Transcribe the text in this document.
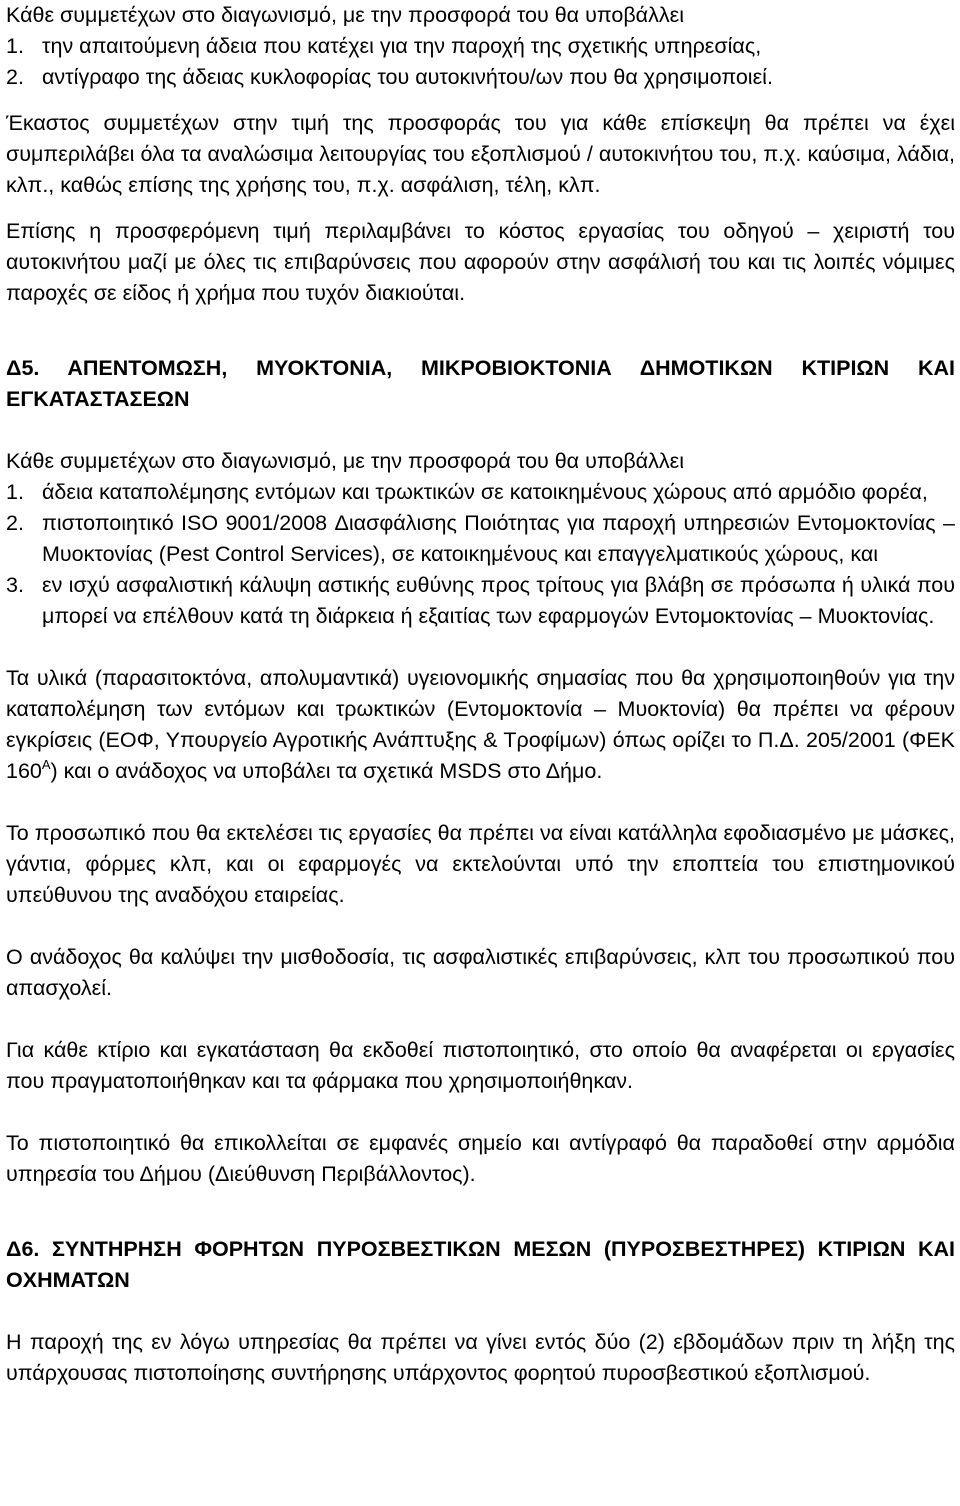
Κάθε συμμετέχων στο διαγωνισμό, με την προσφορά του θα υποβάλλει

1. την απαιτούμενη άδεια που κατέχει για την παροχή της σχετικής υπηρεσίας,
2. αντίγραφο της άδειας κυκλοφορίας του αυτοκινήτου/ων που θα χρησιμοποιεί.

Έκαστος συμμετέχων στην τιμή της προσφοράς του για κάθε επίσκεψη θα πρέπει να έχει συμπεριλάβει όλα τα αναλώσιμα λειτουργίας του εξοπλισμού / αυτοκινήτου του, π.χ. καύσιμα, λάδια, κλπ., καθώς επίσης της χρήσης του, π.χ. ασφάλιση, τέλη, κλπ.

Επίσης η προσφερόμενη τιμή περιλαμβάνει το κόστος εργασίας του οδηγού – χειριστή του αυτοκινήτου μαζί με όλες τις επιβαρύνσεις που αφορούν στην ασφάλισή του και τις λοιπές νόμιμες παροχές σε είδος ή χρήμα που τυχόν διακιούται.

Δ5. ΑΠΕΝΤΟΜΩΣΗ, ΜΥΟΚΤΟΝΙΑ, ΜΙΚΡΟΒΙΟΚΤΟΝΙΑ ΔΗΜΟΤΙΚΩΝ ΚΤΙΡΙΩΝ ΚΑΙ ΕΓΚΑΤΑΣΤΑΣΕΩΝ

Κάθε συμμετέχων στο διαγωνισμό, με την προσφορά του θα υποβάλλει

1. άδεια καταπολέμησης εντόμων και τρωκτικών σε κατοικημένους χώρους από αρμόδιο φορέα,
2. πιστοποιητικό ISO 9001/2008 Διασφάλισης Ποιότητας για παροχή υπηρεσιών Εντομοκτονίας – Μυοκτονίας (Pest Control Services), σε κατοικημένους και επαγγελματικούς χώρους, και
3. εν ισχύ ασφαλιστική κάλυψη αστικής ευθύνης προς τρίτους για βλάβη σε πρόσωπα ή υλικά που μπορεί να επέλθουν κατά τη διάρκεια ή εξαιτίας των εφαρμογών Εντομοκτονίας – Μυοκτονίας.

Τα υλικά (παρασιτοκτόνα, απολυμαντικά) υγειονομικής σημασίας που θα χρησιμοποιηθούν για την καταπολέμηση των εντόμων και τρωκτικών (Εντομοκτονία – Μυοκτονία) θα πρέπει να φέρουν εγκρίσεις (ΕΟΦ, Υπουργείο Αγροτικής Ανάπτυξης & Τροφίμων) όπως ορίζει το Π.Δ. 205/2001 (ΦΕΚ $160^A$) και ο ανάδοχος να υποβάλει τα σχετικά MSDS στο Δήμο.

Το προσωπικό που θα εκτελέσει τις εργασίες θα πρέπει να είναι κατάλληλα εφοδιασμένο με μάσκες, γάντια, φόρμες κλπ, και οι εφαρμογές να εκτελούνται υπό την εποπτεία του επιστημονικού υπεύθυνου της αναδόχου εταιρείας.

Ο ανάδοχος θα καλύψει την μισθοδοσία, τις ασφαλιστικές επιβαρύνσεις, κλπ του προσωπικού που απασχολεί.

Για κάθε κτίριο και εγκατάσταση θα εκδοθεί πιστοποιητικό, στο οποίο θα αναφέρεται οι εργασίες που πραγματοποιήθηκαν και τα φάρμακα που χρησιμοποιήθηκαν.

Το πιστοποιητικό θα επικολλείται σε εμφανές σημείο και αντίγραφό θα παραδοθεί στην αρμόδια υπηρεσία του Δήμου (Διεύθυνση Περιβάλλοντος).

Δ6. ΣΥΝΤΗΡΗΣΗ ΦΟΡΗΤΩΝ ΠΥΡΟΣΒΕΣΤΙΚΩΝ ΜΕΣΩΝ (ΠΥΡΟΣΒΕΣΤΗΡΕΣ) ΚΤΙΡΙΩΝ ΚΑΙ ΟΧΗΜΑΤΩΝ

Η παροχή της εν λόγω υπηρεσίας θα πρέπει να γίνει εντός δύο (2) εβδομάδων πριν τη λήξη της υπάρχουσας πιστοποίησης συντήρησης υπάρχοντος φορητού πυροσβεστικού εξοπλισμού.
